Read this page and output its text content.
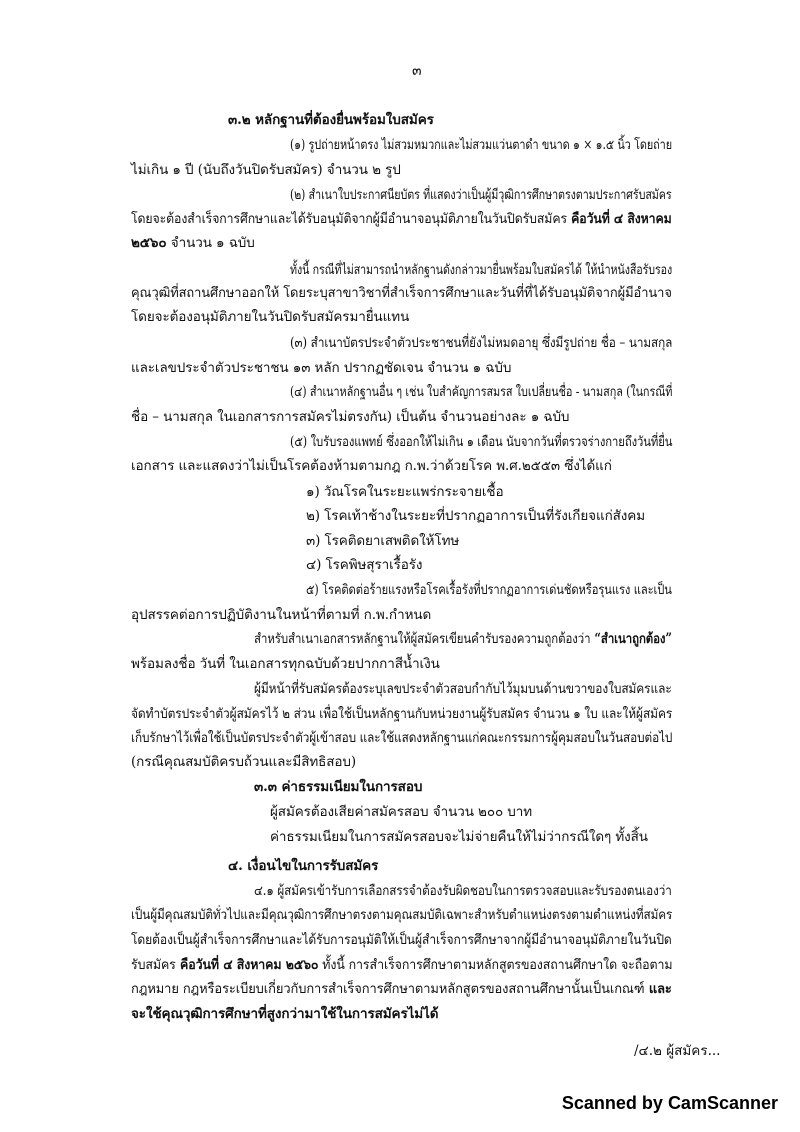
๓
๓.๒ หลักฐานที่ต้องยื่นพร้อมใบสมัคร
(๑) รูปถ่ายหน้าตรง ไม่สวมหมวกและไม่สวมแว่นตาดำ ขนาด ๑ × ๑.๕ นิ้ว โดยถ่าย
ไม่เกิน ๑ ปี (นับถึงวันปิดรับสมัคร) จำนวน ๒ รูป
(๒) สำเนาใบประกาศนียบัตร ที่แสดงว่าเป็นผู้มีวุฒิการศึกษาตรงตามประกาศรับสมัคร
โดยจะต้องสำเร็จการศึกษาและได้รับอนุมัติจากผู้มีอำนาจอนุมัติภายในวันปิดรับสมัคร คือวันที่ ๔ สิงหาคม
๒๕๖๐ จำนวน ๑ ฉบับ
ทั้งนี้ กรณีที่ไม่สามารถนำหลักฐานดังกล่าวมายื่นพร้อมใบสมัครได้ ให้นำหนังสือรับรอง
คุณวุฒิที่สถานศึกษาออกให้ โดยระบุสาขาวิชาที่สำเร็จการศึกษาและวันที่ที่ได้รับอนุมัติจากผู้มีอำนาจ
โดยจะต้องอนุมัติภายในวันปิดรับสมัครมายื่นแทน
(๓) สำเนาบัตรประจำตัวประชาชนที่ยังไม่หมดอายุ ซึ่งมีรูปถ่าย ชื่อ – นามสกุล
และเลขประจำตัวประชาชน ๑๓ หลัก ปรากฏชัดเจน จำนวน ๑ ฉบับ
(๔) สำเนาหลักฐานอื่น ๆ เช่น ใบสำคัญการสมรส ใบเปลี่ยนชื่อ - นามสกุล (ในกรณีที่
ชื่อ – นามสกุล ในเอกสารการสมัครไม่ตรงกัน) เป็นต้น จำนวนอย่างละ ๑ ฉบับ
(๕) ใบรับรองแพทย์ ซึ่งออกให้ไม่เกิน ๑ เดือน นับจากวันที่ตรวจร่างกายถึงวันที่ยื่น
เอกสาร และแสดงว่าไม่เป็นโรคต้องห้ามตามกฎ ก.พ.ว่าด้วยโรค พ.ศ.๒๕๕๓ ซึ่งได้แก่
๑) วัณโรคในระยะแพร่กระจายเชื้อ
๒) โรคเท้าช้างในระยะที่ปรากฏอาการเป็นที่รังเกียจแก่สังคม
๓) โรคติดยาเสพติดให้โทษ
๔) โรคพิษสุราเรื้อรัง
๕) โรคติดต่อร้ายแรงหรือโรคเรื้อรังที่ปรากฏอาการเด่นชัดหรือรุนแรง และเป็น
อุปสรรคต่อการปฏิบัติงานในหน้าที่ตามที่ ก.พ.กำหนด
สำหรับสำเนาเอกสารหลักฐานให้ผู้สมัครเขียนคำรับรองความถูกต้องว่า “สำเนาถูกต้อง”
พร้อมลงชื่อ วันที่ ในเอกสารทุกฉบับด้วยปากกาสีน้ำเงิน
ผู้มีหน้าที่รับสมัครต้องระบุเลขประจำตัวสอบกำกับไว้มุมบนด้านขวาของใบสมัครและ
จัดทำบัตรประจำตัวผู้สมัครไว้ ๒ ส่วน เพื่อใช้เป็นหลักฐานกับหน่วยงานผู้รับสมัคร จำนวน ๑ ใบ และให้ผู้สมัคร
เก็บรักษาไว้เพื่อใช้เป็นบัตรประจำตัวผู้เข้าสอบ และใช้แสดงหลักฐานแก่คณะกรรมการผู้คุมสอบในวันสอบต่อไป
(กรณีคุณสมบัติครบถ้วนและมีสิทธิสอบ)
๓.๓ ค่าธรรมเนียมในการสอบ
ผู้สมัครต้องเสียค่าสมัครสอบ จำนวน ๒๐๐ บาท
ค่าธรรมเนียมในการสมัครสอบจะไม่จ่ายคืนให้ไม่ว่ากรณีใดๆ ทั้งสิ้น
๔. เงื่อนไขในการรับสมัคร
๔.๑ ผู้สมัครเข้ารับการเลือกสรรจำต้องรับผิดชอบในการตรวจสอบและรับรองตนเองว่า
เป็นผู้มีคุณสมบัติทั่วไปและมีคุณวุฒิการศึกษาตรงตามคุณสมบัติเฉพาะสำหรับตำแหน่งตรงตามตำแหน่งที่สมัคร
โดยต้องเป็นผู้สำเร็จการศึกษาและได้รับการอนุมัติให้เป็นผู้สำเร็จการศึกษาจากผู้มีอำนาจอนุมัติภายในวันปิด
รับสมัคร คือวันที่ ๔ สิงหาคม ๒๕๖๐ ทั้งนี้ การสำเร็จการศึกษาตามหลักสูตรของสถานศึกษาใด จะถือตาม
กฎหมาย กฎหรือระเบียบเกี่ยวกับการสำเร็จการศึกษาตามหลักสูตรของสถานศึกษานั้นเป็นเกณฑ์ และ
จะใช้คุณวุฒิการศึกษาที่สูงกว่ามาใช้ในการสมัครไม่ได้
/๔.๒ ผู้สมัคร...
Scanned by CamScanner
